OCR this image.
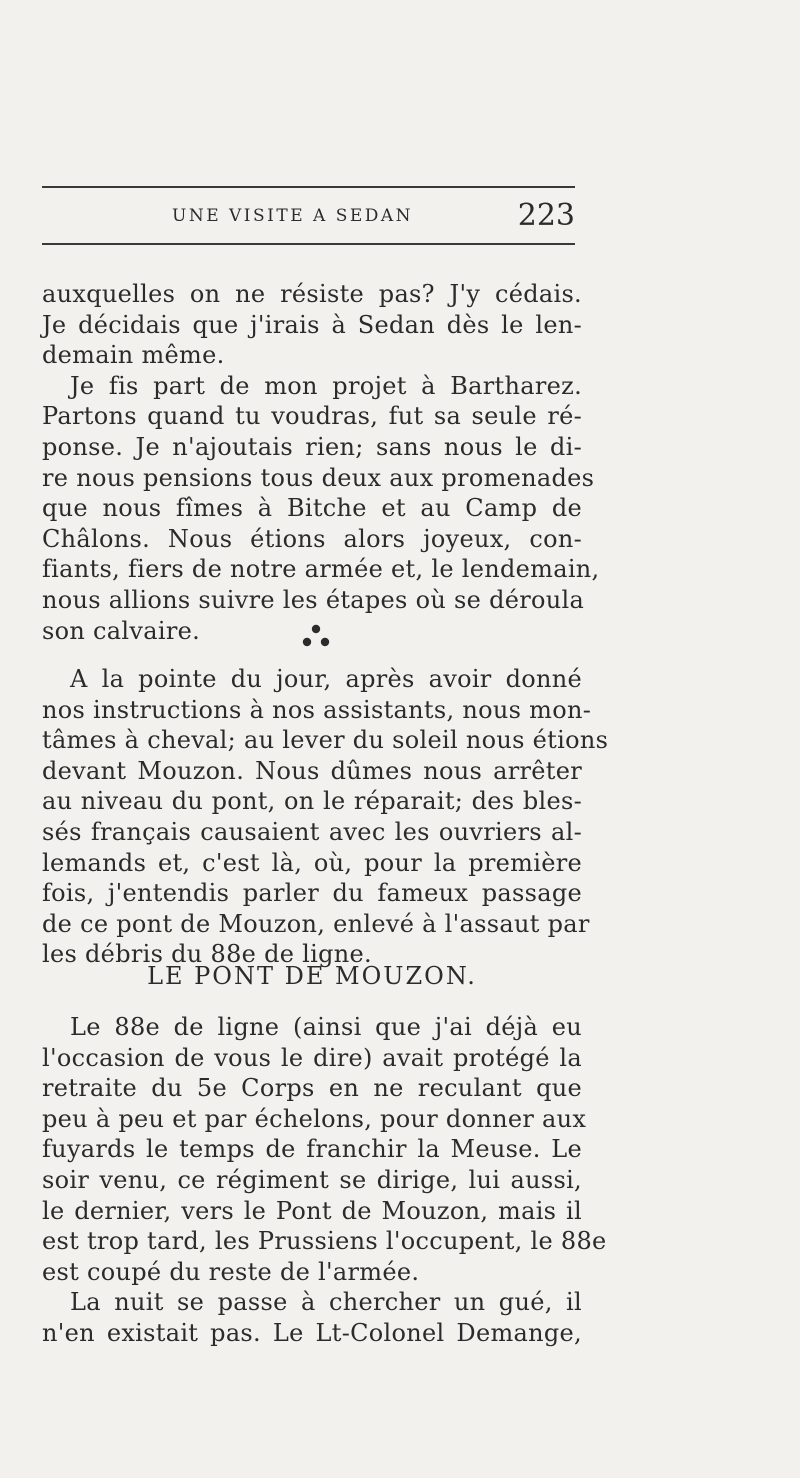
UNE VISITE A SEDAN	223
auxquelles on ne résiste pas? J'y cédais.
Je décidais que j'irais à Sedan dès le len-
demain même.
Je fis part de mon projet à Bartharez.
Partons quand tu voudras, fut sa seule ré-
ponse. Je n'ajoutais rien; sans nous le di-
re nous pensions tous deux aux promenades
que nous fîmes à Bitche et au Camp de
Châlons. Nous étions alors joyeux, con-
fiants, fiers de notre armée et, le lendemain,
nous allions suivre les étapes où se déroula
son calvaire.
A la pointe du jour, après avoir donné
nos instructions à nos assistants, nous mon-
tâmes à cheval; au lever du soleil nous étions
devant Mouzon. Nous dûmes nous arrêter
au niveau du pont, on le réparait; des bles-
sés français causaient avec les ouvriers al-
lemands et, c'est là, où, pour la première
fois, j'entendis parler du fameux passage
de ce pont de Mouzon, enlevé à l'assaut par
les débris du 88e de ligne.
LE PONT DE MOUZON.
Le 88e de ligne (ainsi que j'ai déjà eu
l'occasion de vous le dire) avait protégé la
retraite du 5e Corps en ne reculant que
peu à peu et par échelons, pour donner aux
fuyards le temps de franchir la Meuse. Le
soir venu, ce régiment se dirige, lui aussi,
le dernier, vers le Pont de Mouzon, mais il
est trop tard, les Prussiens l'occupent, le 88e
est coupé du reste de l'armée.
La nuit se passe à chercher un gué, il
n'en existait pas. Le Lt-Colonel Demange,
